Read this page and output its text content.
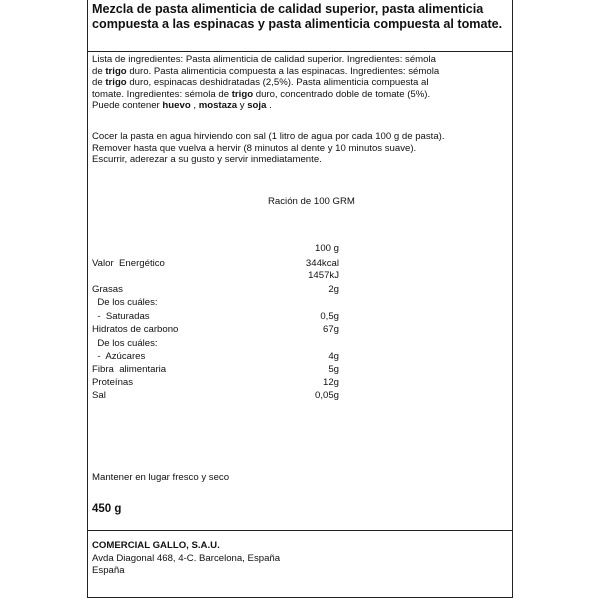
Mezcla de pasta alimenticia de calidad superior, pasta alimenticia compuesta a las espinacas y pasta alimenticia compuesta al tomate.
Lista de ingredientes: Pasta alimenticia de calidad superior. Ingredientes: sémola
de trigo duro. Pasta alimenticia compuesta a las espinacas. Ingredientes: sémola
de trigo duro, espinacas deshidratadas (2,5%). Pasta alimenticia compuesta al
tomate. Ingredientes: sémola de trigo duro, concentrado doble de tomate (5%).
Puede contener huevo , mostaza y soja .

Cocer la pasta en agua hirviendo con sal (1 litro de agua por cada 100 g de pasta).

Remover hasta que vuelva a hervir (8 minutos al dente y 10 minutos suave).

Escurrir, aderezar a su gusto y servir inmediatamente.

Ración de 100 GRM
100 g
Valor  Energético	344kcal
1457kJ
Grasas	2g
De los cuáles:
-  Saturadas	0,5g
Hidratos de carbono	67g
De los cuáles:
-  Azúcares	4g
Fibra  alimentaria	5g
Proteínas	12g
Sal	0,05g
Mantener en lugar fresco y seco
450 g
COMERCIAL GALLO, S.A.U.
Avda Diagonal 468, 4-C. Barcelona, España
España
